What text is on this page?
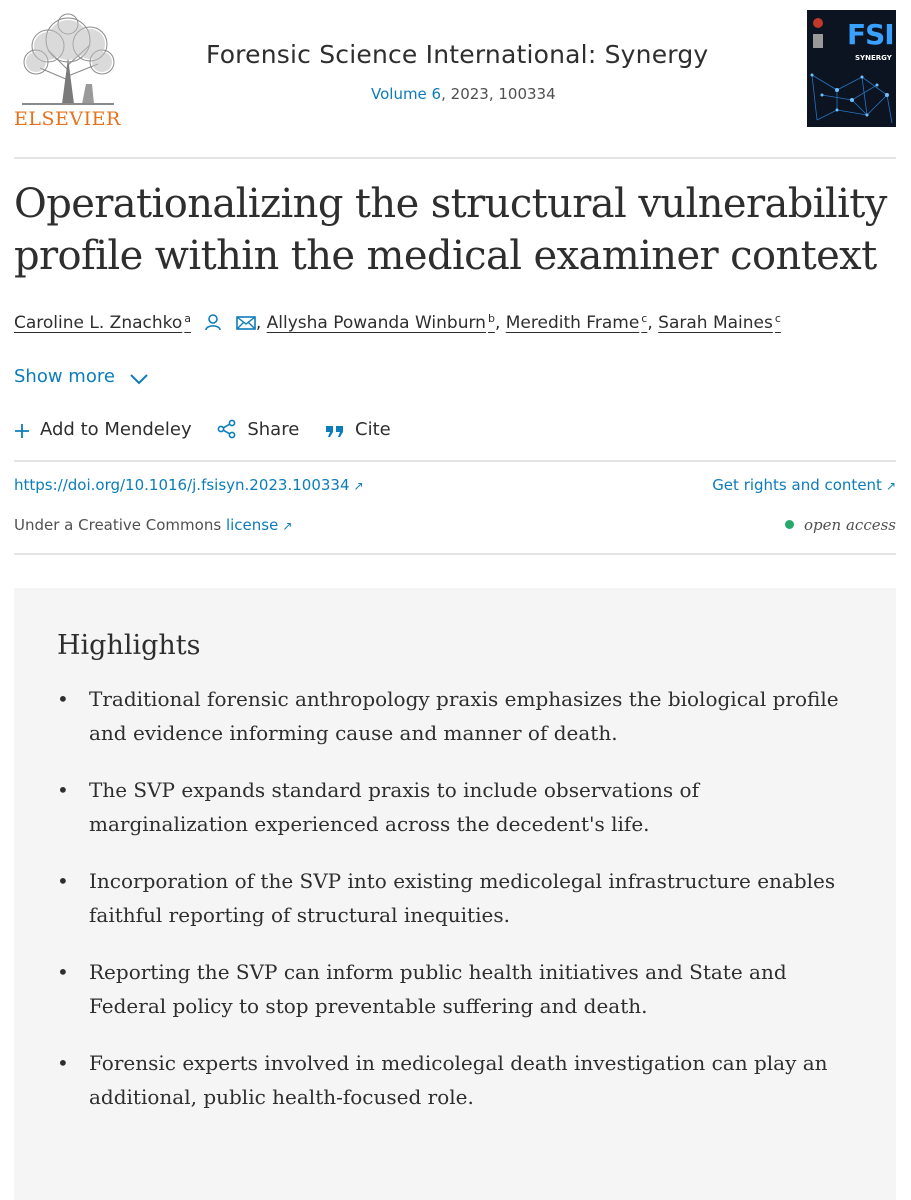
ELSEVIER
Forensic Science International: Synergy
Volume 6, 2023, 100334
FSI
SYNERGY
Operationalizing the structural vulnerability profile within the medical examiner context
Caroline L. Znachko $^a$	, Allysha Powanda Winburn $^b$, Meredith Frame $^c$, Sarah Maines $^c$
Show more
Add to Mendeley	Share	Cite
https://doi.org/10.1016/j.fsisyn.2023.100334 ↗	Get rights and content ↗
Under a Creative Commons license ↗	open access
Highlights
• Traditional forensic anthropology praxis emphasizes the biological profile and evidence informing cause and manner of death.
• The SVP expands standard praxis to include observations of marginalization experienced across the decedent's life.
• Incorporation of the SVP into existing medicolegal infrastructure enables faithful reporting of structural inequities.
• Reporting the SVP can inform public health initiatives and State and Federal policy to stop preventable suffering and death.
• Forensic experts involved in medicolegal death investigation can play an additional, public health-focused role.
